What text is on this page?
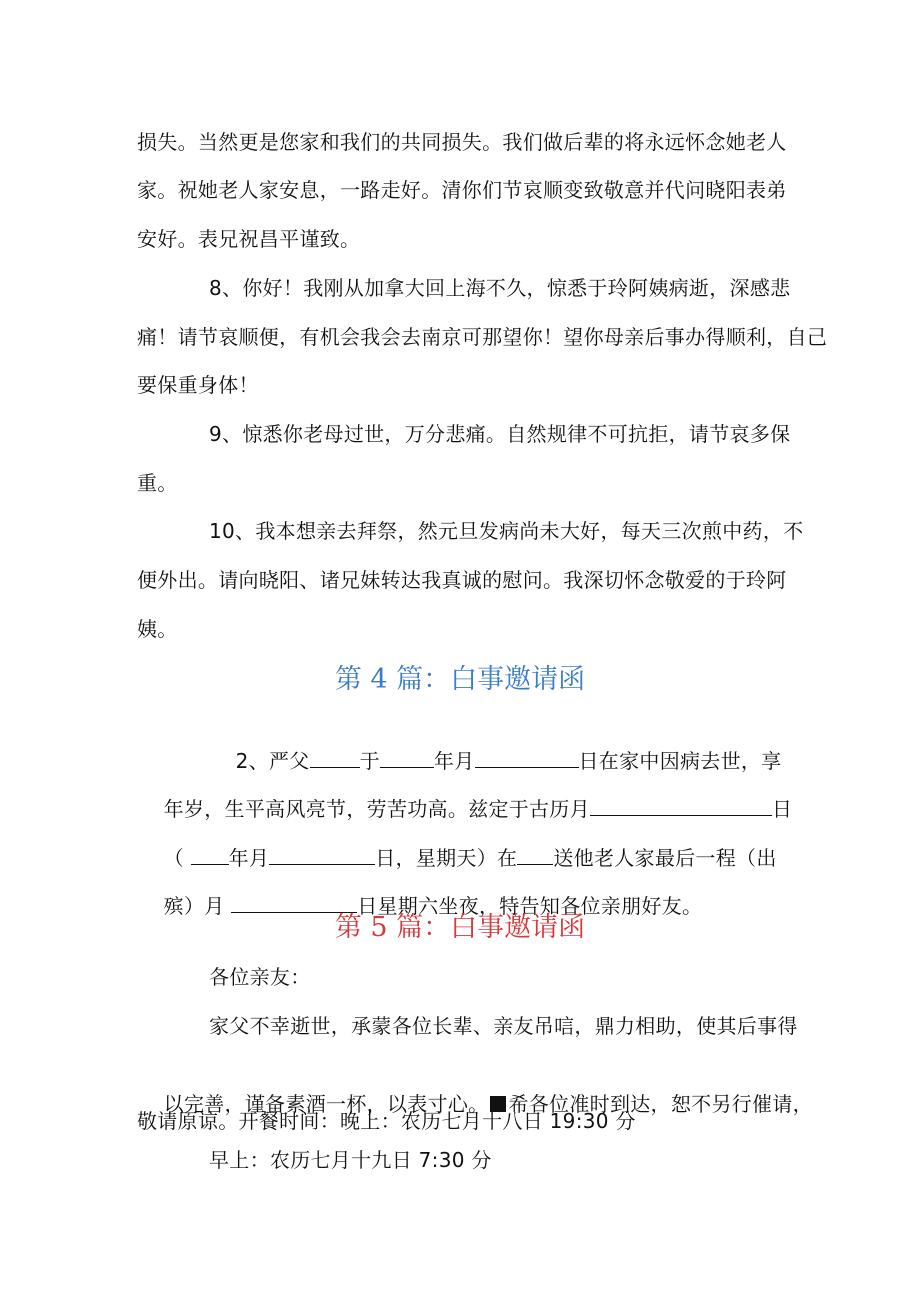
损失。当然更是您家和我们的共同损失。我们做后辈的将永远怀念她老人
家。祝她老人家安息，一路走好。清你们节哀顺变致敬意并代问晓阳表弟
安好。表兄祝昌平谨致。
8、你好！我刚从加拿大回上海不久，惊悉于玲阿姨病逝，深感悲
痛！请节哀顺便，有机会我会去南京可那望你！望你母亲后事办得顺利，自己
要保重身体！
9、惊悉你老母过世，万分悲痛。自然规律不可抗拒，请节哀多保
重。
10、我本想亲去拜祭，然元旦发病尚未大好，每天三次煎中药，不
便外出。请向晓阳、诸兄妹转达我真诚的慰问。我深切怀念敬爱的于玲阿
姨。
第 4 篇：白事邀请函

2、严父	于	年月	日在家中因病去世，享

年岁，生平高风亮节，劳苦功高。兹定于古历月	日

（ 年月	日，星期天）在 送他老人家最后一程（出

殡）月	日星期六坐夜，特告知各位亲朋好友。

第 5 篇：白事邀请函
各位亲友：
家父不幸逝世，承蒙各位长辈、亲友吊唁，鼎力相助，使其后事得

以完善，谨备素酒一杯，以表寸心。 希各位准时到达，恕不另行催请，

敬请原谅。开餐时间：晚上：农历七月十八日 19:30 分
早上：农历七月十九日 7:30 分
